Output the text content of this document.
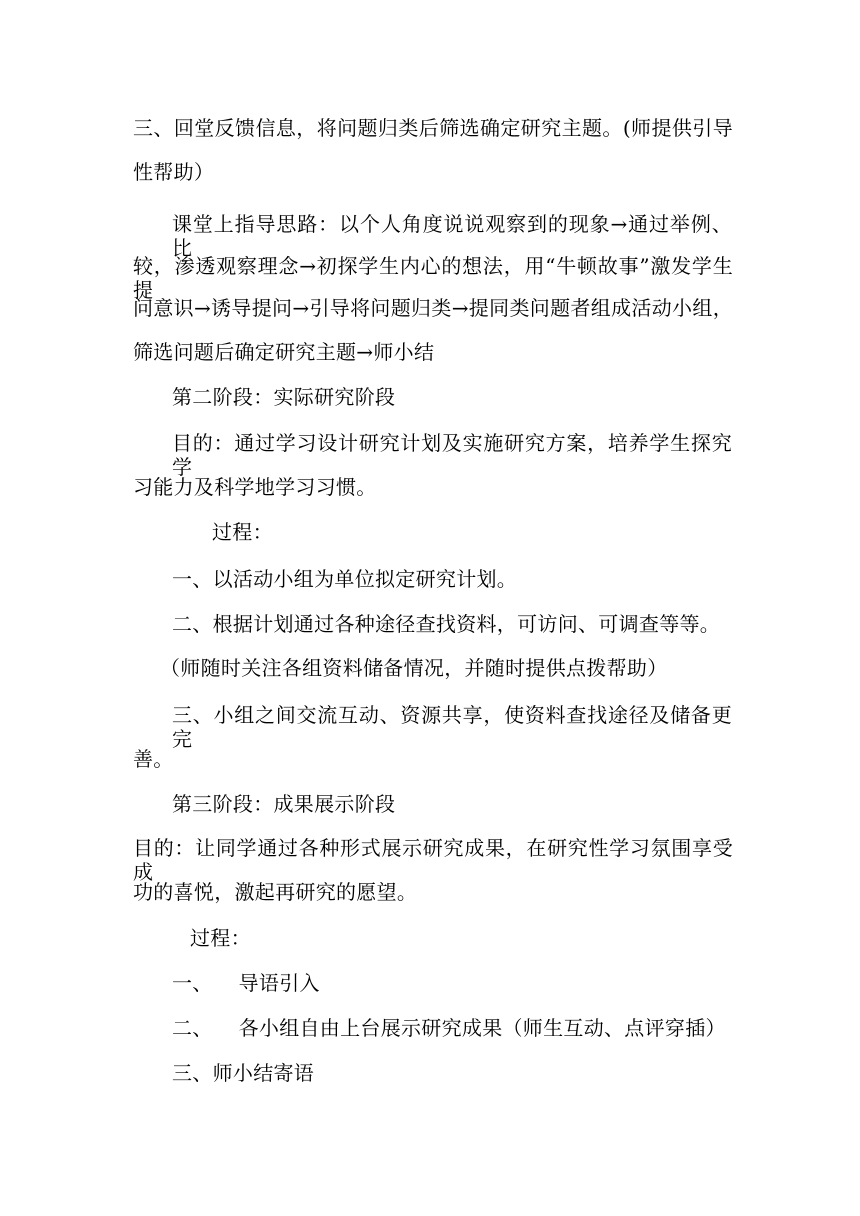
三、回堂反馈信息，将问题归类后筛选确定研究主题。(师提供引导
性帮助）
课堂上指导思路：以个人角度说说观察到的现象→通过举例、比
较，渗透观察理念→初探学生内心的想法，用“牛顿故事”激发学生提
问意识→诱导提问→引导将问题归类→提同类问题者组成活动小组，
筛选问题后确定研究主题→师小结
第二阶段：实际研究阶段
目的：通过学习设计研究计划及实施研究方案，培养学生探究学
习能力及科学地学习习惯。
过程：
一、以活动小组为单位拟定研究计划。
二、根据计划通过各种途径查找资料，可访问、可调查等等。
（师随时关注各组资料储备情况，并随时提供点拨帮助）
三、小组之间交流互动、资源共享，使资料查找途径及储备更完
善。
第三阶段：成果展示阶段
目的：让同学通过各种形式展示研究成果，在研究性学习氛围享受成
功的喜悦，激起再研究的愿望。
过程：
一、 导语引入
二、 各小组自由上台展示研究成果（师生互动、点评穿插）
三、师小结寄语
